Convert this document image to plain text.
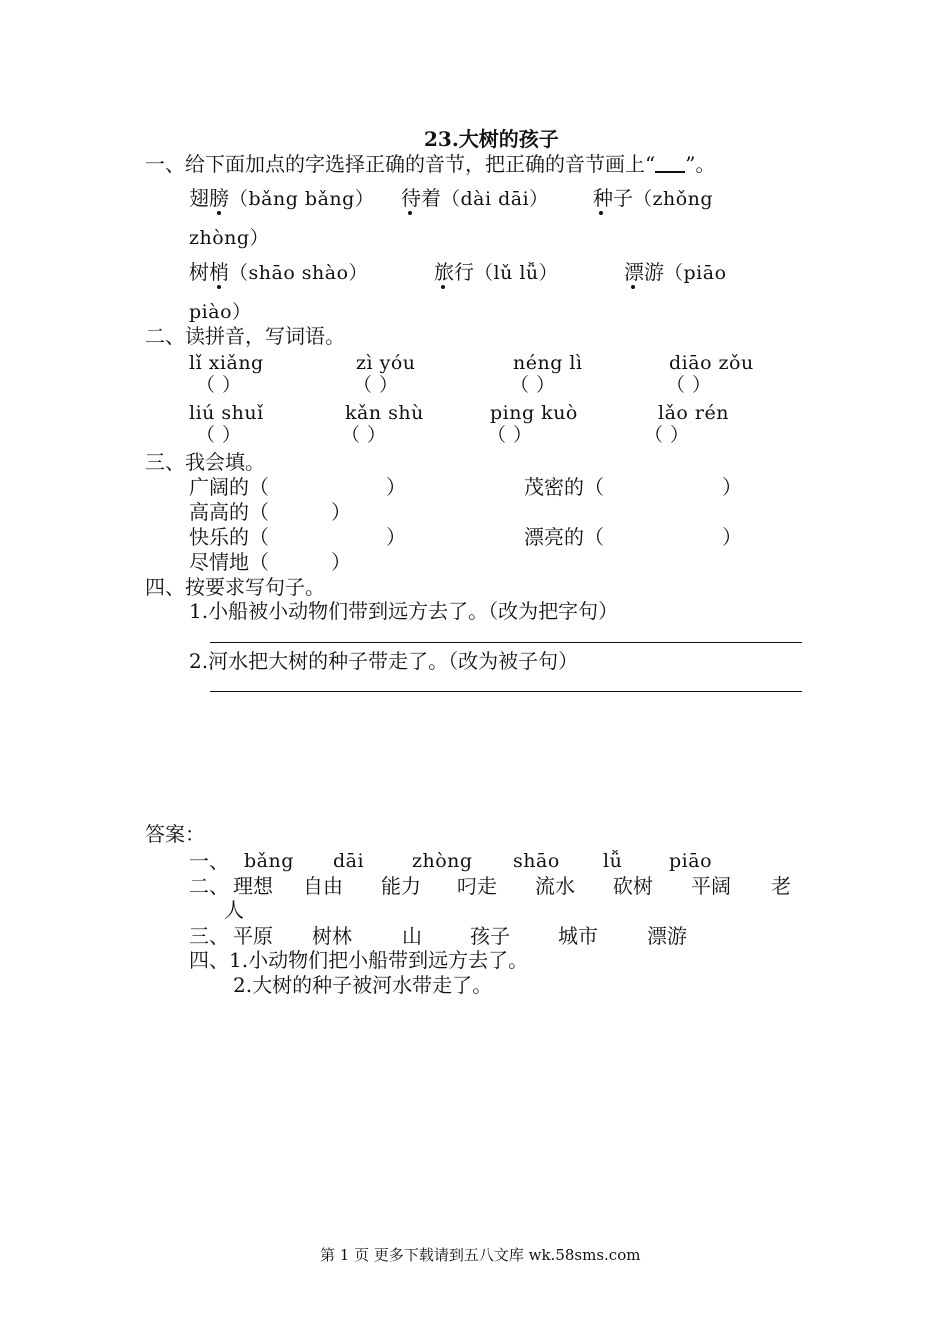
23.大树的孩子
一、给下面加点的字选择正确的音节，把正确的音节画上“ ”。
翅膀（bǎng bǎng） 待着（dài dāi） 种子（zhǒng
zhòng）
树梢（shāo shào）	旅行（lǔ lǚ）	漂游（piāo
piào）
二、读拼音，写词语。
lǐ xiǎng	zì yóu	néng lì	diāo zǒu
（ ）	（ ）	（ ）	（ ）
liú shuǐ	kǎn shù	ping kuò	lǎo rén
（ ）	（ ）	（ ）	（ ）
三、我会填。
广阔的（	）	茂密的（	）
高高的（	）
快乐的（	）	漂亮的（	）
尽情地（	）
四、按要求写句子。
1.小船被小动物们带到远方去了。（改为把字句）
2.河水把大树的种子带走了。（改为被子句）
答案：
一、 bǎng dāi	zhòng shāo lǚ piāo
二、 理想 自由 能力 叼走 流水 砍树 平阔 老
人
三、 平原 树林	山 孩子 城市 漂游
四、1.小动物们把小船带到远方去了。
2.大树的种子被河水带走了。
第 1 页 更多下载请到五八文库 wk.58sms.com
